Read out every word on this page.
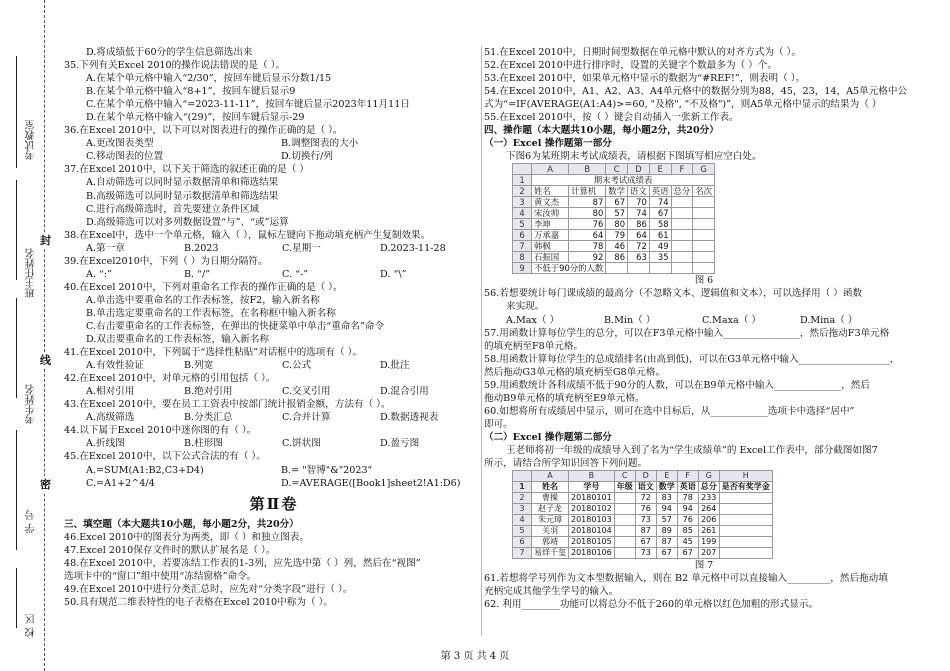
考试教室
班主任姓名
考生姓名
学 号
校 区
封
线
密
D.将成绩低于60分的学生信息筛选出来
35.下列有关Excel 2010的操作说法错误的是（ ）。
A.在某个单元格中输入“2/30”，按回车键后显示分数1/15
B.在某个单元格中输入“8+1”，按回车键后显示9
C.在某个单元格中输入“=2023-11-11”，按回车键后显示2023年11月11日
D.在某个单元格中输入“(29)”，按回车键后显示-29
36.在Excel 2010中，以下可以对图表进行的操作正确的是（ ）。
A.更改图表类型	B.调整图表的大小
C.移动图表的位置	D.切换行/列
37.在Excel 2010中，以下关于筛选的叙述正确的是（ ）
A.自动筛选可以同时显示数据清单和筛选结果
B.高级筛选可以同时显示数据清单和筛选结果
C.进行高级筛选时，首先要建立条件区域
D.高级筛选可以对多列数据设置“与”、“或”运算
38.在Excel中，选中一个单元格，输入（ ），鼠标左键向下拖动填充柄产生复制效果。
A.第一章	B.2023	C.星期一	D.2023-11-28
39.在Excel2010中，下列（ ）为日期分隔符。
A. “:”	B. “/”	C. “-”	D. “\”
40.在Excel 2010中，下列对重命名工作表的操作正确的是（ ）。
A.单击选中要重命名的工作表标签，按F2，输入新名称
B.单击选定要重命名的工作表标签，在名称框中输入新名称
C.右击要重命名的工作表标签，在弹出的快捷菜单中单击“重命名”命令
D.双击要重命名的工作表标签，输入新名称
41.在Excel 2010中，下列属于“选择性粘贴”对话框中的选项有（ ）。
A.有效性验证	B.列宽	C.公式	D.批注
42.在Excel 2010中，对单元格的引用包括（ ）。
A.相对引用	B.绝对引用	C.交叉引用	D.混合引用
43.在Excel 2010中，要在员工工资表中按部门统计报销金额，方法有（ ）。
A.高级筛选	B.分类汇总	C.合并计算	D.数据透视表
44.以下属于Excel 2010中迷你图的有（ ）。
A.折线图	B.柱形图	C.饼状图	D.盈亏图
45.在Excel 2010中，以下公式合法的有（ ）。
A.=SUM(A1:B2,C3+D4)	B.= "智博"&"2023"
C.=A1+2^4/4	D.=AVERAGE([Book1]sheet2!A1:D6)
第Ⅱ卷
三、填空题（本大题共10小题，每小题2分，共20分）
46.Excel 2010中的图表分为两类，即（ ）和独立图表。
47.Excel 2010保存文件时的默认扩展名是（ ）。
48.在Excel 2010中，若要冻结工作表的1-3列，应先选中第（ ）列，然后在“视图”
选项卡中的“窗口”组中使用“冻结窗格”命令。
49.在Excel 2010中进行分类汇总时，应先对“分类字段”进行（ ）。
50.具有规范二维表特性的电子表格在Excel 2010中称为（ ）。
51.在Excel 2010中，日期时间型数据在单元格中默认的对齐方式为（ ）。
52.在Excel 2010中进行排序时，设置的关键字个数最多为（ ）个。
53.在Excel 2010中，如果单元格中显示的数据为“#REF!”，则表明（ ）。
54.在Excel 2010中，A1、A2、A3、A4单元格中的数据分别为88，45，23，14，A5单元格中公
式为“=IF(AVERAGE(A1:A4)>=60, "及格", "不及格")”，则A5单元格中显示的结果为（ ）
55.在Excel 2010中，按（ ）键会自动插入一张新工作表。
四、操作题（本大题共10小题，每小题2分，共20分）
（一）Excel 操作题第一部分
下图6为某班期末考试成绩表，请根据下图填写相应空白处。
	A	B	C	D	E	F	G
1	期末考试成绩表						
2	姓名	计算机	数学	语文	英语	总分	名次
3	黄文杰	87	67	70	74		
4	宋汝帅	80	57	74	67		
5	李坤	76	80	86	58		
6	万承嘉	64	79	64	61		
7	韩枫	78	46	72	49		
8	石振国	92	86	63	35		
9	不低于90分的人数						
图 6
56.若想要统计每门课成绩的最高分（不忽略文本、逻辑值和文本），可以选择用（ ）函数
来实现。
A.Max（ ）	B.Min（ ）	C.Maxa（ ）	D.Mina（ ）
57.用函数计算每位学生的总分，可以在F3单元格中输入________________，然后拖动F3单元格
的填充柄至F8单元格。
58.用函数计算每位学生的总成绩排名(由高到低)，可以在G3单元格中输入___________________，
然后拖动G3单元格的填充柄至G8单元格。
59.用函数统计各科成绩不低于90分的人数，可以在B9单元格中输入______________，然后
拖动B9单元格的填充柄至E9单元格。
60.如想将所有成绩居中显示，则可在选中目标后，从____________选项卡中选择“居中”
即可。
（二）Excel 操作题第二部分
王老师将初一年级的成绩导入到了名为“学生成绩单”的 Excel工作表中，部分截图如图7
所示，请结合所学知识回答下列问题。
	A	B	C	D	E	F	G	H
1	姓名	学号	年级	语文	数学	英语	总分	是否有奖学金
2	曹操	20180101		72	83	78	233	
3	赵子龙	20180102		76	94	94	264	
4	朱元璋	20180103		73	57	76	206	
5	关羽	20180104		87	89	85	261	
6	郭靖	20180105		67	87	45	199	
7	易烊千玺	20180106		73	67	67	207	
图 7
61.若想将学号列作为文本型数据输入，则在 B2 单元格中可以直接输入_________，然后拖动填
充柄完成其他学生学号的输入。
62. 利用________功能可以将总分不低于260的单元格以红色加粗的形式显示。
第 3 页 共 4 页
